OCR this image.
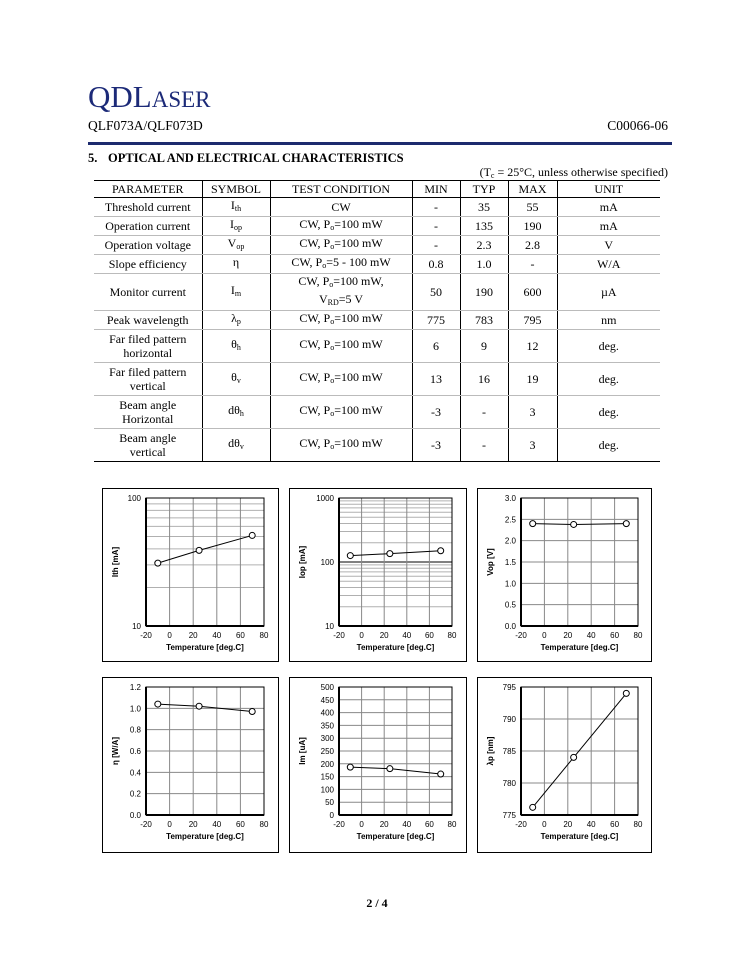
QDLASER
QLF073A/QLF073D	C00066-06
5. OPTICAL AND ELECTRICAL CHARACTERISTICS
($T_c = 25^\circ C$, unless otherwise specified)
PARAMETER	SYMBOL	TEST CONDITION	MIN	TYP	MAX	UNIT
Threshold current	$I_{th}$	CW	-	35	55	mA
Operation current	$I_{op}$	CW, $P_o=100$ mW	-	135	190	mA
Operation voltage	$V_{op}$	CW, $P_o=100$ mW	-	2.3	2.8	V
Slope efficiency	η	CW, $P_o=5 - 100$ mW	0.8	1.0	-	W/A
Monitor current	$I_m$	CW, $P_o=100$ mW,
$V_{RD}=5$ V	50	190	600	µA
Peak wavelength	$\lambda_p$	CW, $P_o=100$ mW	775	783	795	nm
Far filed pattern
horizontal	$\theta_h$	CW, $P_o=100$ mW	6	9	12	deg.
Far filed pattern
vertical	$\theta_v$	CW, $P_o=100$ mW	13	16	19	deg.
Beam angle
Horizontal	$d\theta_h$	CW, $P_o=100$ mW	-3	-	3	deg.
Beam angle
vertical	$d\theta_v$	CW, $P_o=100$ mW	-3	-	3	deg.
10
100
-20 0 20 40 60 80
Temperature [deg.C]
Ith [mA]
10
100
1000
-20 0 20 40 60 80
Temperature [deg.C]
Iop [mA]
0.0
0.5
1.0
1.5
2.0
2.5
3.0
-20 0 20 40 60 80
Temperature [deg.C]
Vop [V]
0.0
0.2
0.4
0.6
0.8
1.0
1.2
-20 0 20 40 60 80
Temperature [deg.C]
η [W/A]
0
50
100
150
200
250
300
350
400
450
500
-20 0 20 40 60 80
Temperature [deg.C]
Im [uA]
775
780
785
790
795
-20 0 20 40 60 80
Temperature [deg.C]
λp [nm]
2 / 4
